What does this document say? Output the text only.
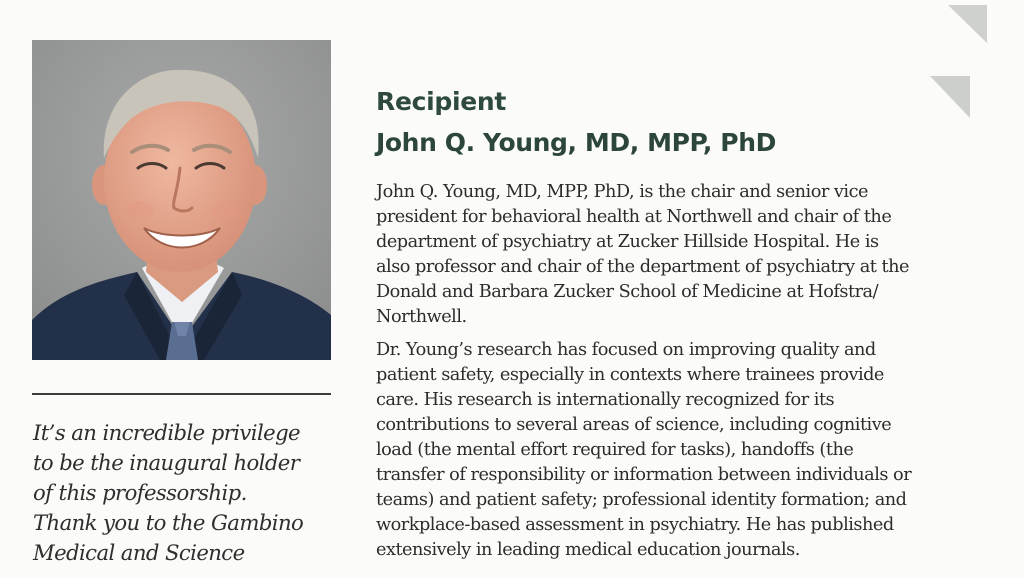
It’s an incredible privilege
to be the inaugural holder
of this professorship.
Thank you to the Gambino
Medical and Science
Recipient
John Q. Young, MD, MPP, PhD

John Q. Young, MD, MPP, PhD, is the chair and senior vice
president for behavioral health at Northwell and chair of the
department of psychiatry at Zucker Hillside Hospital. He is
also professor and chair of the department of psychiatry at the
Donald and Barbara Zucker School of Medicine at Hofstra/
Northwell.

Dr. Young’s research has focused on improving quality and
patient safety, especially in contexts where trainees provide
care. His research is internationally recognized for its
contributions to several areas of science, including cognitive
load (the mental effort required for tasks), handoffs (the
transfer of responsibility or information between individuals or
teams) and patient safety; professional identity formation; and
workplace-based assessment in psychiatry. He has published
extensively in leading medical education journals.
